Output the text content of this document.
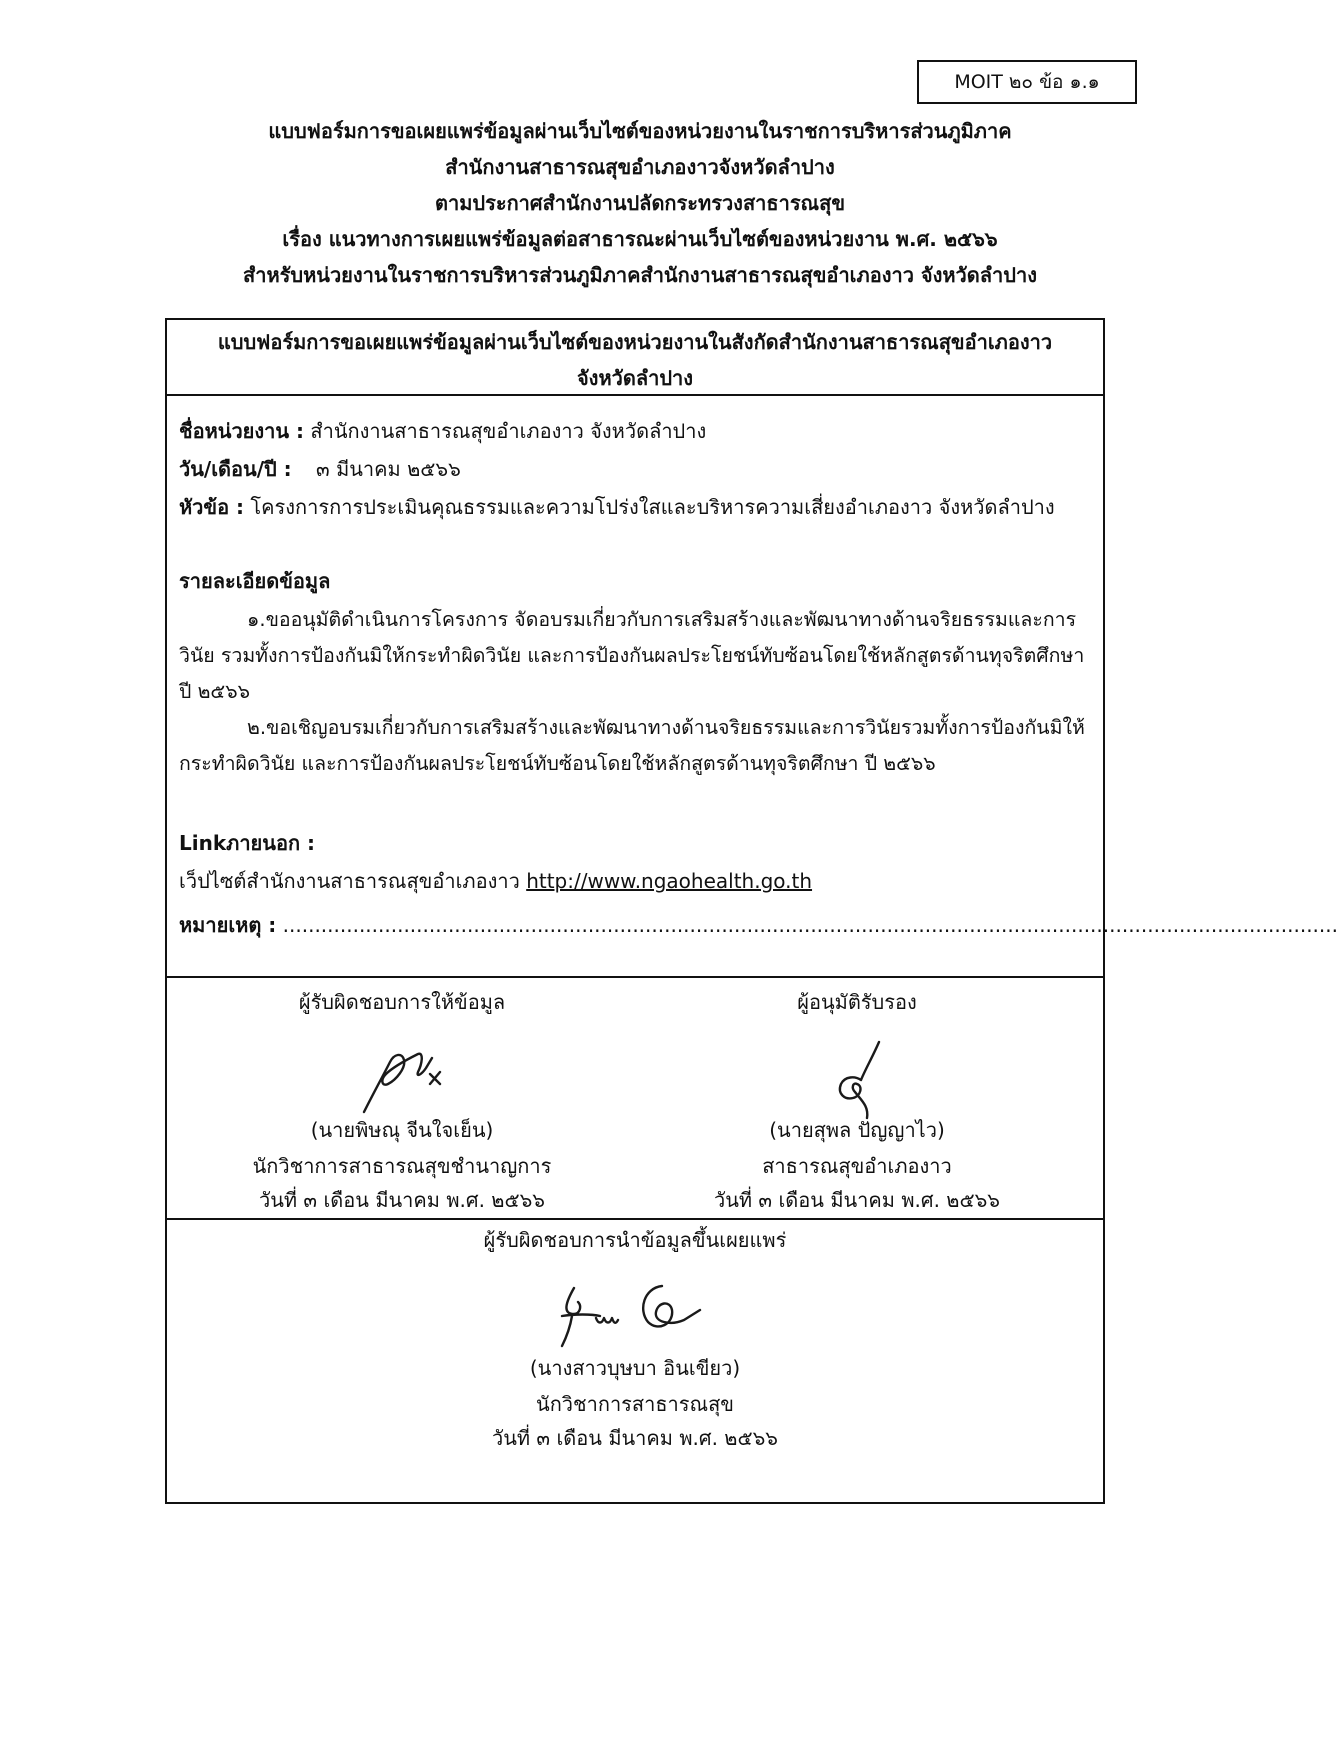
MOIT ๒๐ ข้อ ๑.๑
แบบฟอร์มการขอเผยแพร่ข้อมูลผ่านเว็บไซต์ของหน่วยงานในราชการบริหารส่วนภูมิภาค
สำนักงานสาธารณสุขอำเภองาวจังหวัดลำปาง
ตามประกาศสำนักงานปลัดกระทรวงสาธารณสุข
เรื่อง แนวทางการเผยแพร่ข้อมูลต่อสาธารณะผ่านเว็บไซต์ของหน่วยงาน พ.ศ. ๒๕๖๖
สำหรับหน่วยงานในราชการบริหารส่วนภูมิภาคสำนักงานสาธารณสุขอำเภองาว จังหวัดลำปาง
แบบฟอร์มการขอเผยแพร่ข้อมูลผ่านเว็บไซต์ของหน่วยงานในสังกัดสำนักงานสาธารณสุขอำเภองาว
จังหวัดลำปาง
ชื่อหน่วยงาน : สำนักงานสาธารณสุขอำเภองาว จังหวัดลำปาง
วัน/เดือน/ปี : ๓ มีนาคม ๒๕๖๖
หัวข้อ : โครงการการประเมินคุณธรรมและความโปร่งใสและบริหารความเสี่ยงอำเภองาว จังหวัดลำปาง
รายละเอียดข้อมูล
๑.ขออนุมัติดำเนินการโครงการ จัดอบรมเกี่ยวกับการเสริมสร้างและพัฒนาทางด้านจริยธรรมและการวินัย รวมทั้งการป้องกันมิให้กระทำผิดวินัย และการป้องกันผลประโยชน์ทับซ้อนโดยใช้หลักสูตรด้านทุจริตศึกษา ปี ๒๕๖๖
๒.ขอเชิญอบรมเกี่ยวกับการเสริมสร้างและพัฒนาทางด้านจริยธรรมและการวินัยรวมทั้งการป้องกันมิให้กระทำผิดวินัย และการป้องกันผลประโยชน์ทับซ้อนโดยใช้หลักสูตรด้านทุจริตศึกษา ปี ๒๕๖๖
Linkภายนอก :
เว็ปไซต์สำนักงานสาธารณสุขอำเภองาว http://www.ngaohealth.go.th
หมายเหตุ : ......................................................................................................................................................................
ผู้รับผิดชอบการให้ข้อมูล	ผู้อนุมัติรับรอง
(นายพิษณุ จีนใจเย็น)
นักวิชาการสาธารณสุขชำนาญการ
วันที่ ๓ เดือน มีนาคม พ.ศ. ๒๕๖๖
(นายสุพล ปัญญาไว)
สาธารณสุขอำเภองาว
วันที่ ๓ เดือน มีนาคม พ.ศ. ๒๕๖๖
ผู้รับผิดชอบการนำข้อมูลขึ้นเผยแพร่
(นางสาวบุษบา อินเขียว)
นักวิชาการสาธารณสุข
วันที่ ๓ เดือน มีนาคม พ.ศ. ๒๕๖๖
